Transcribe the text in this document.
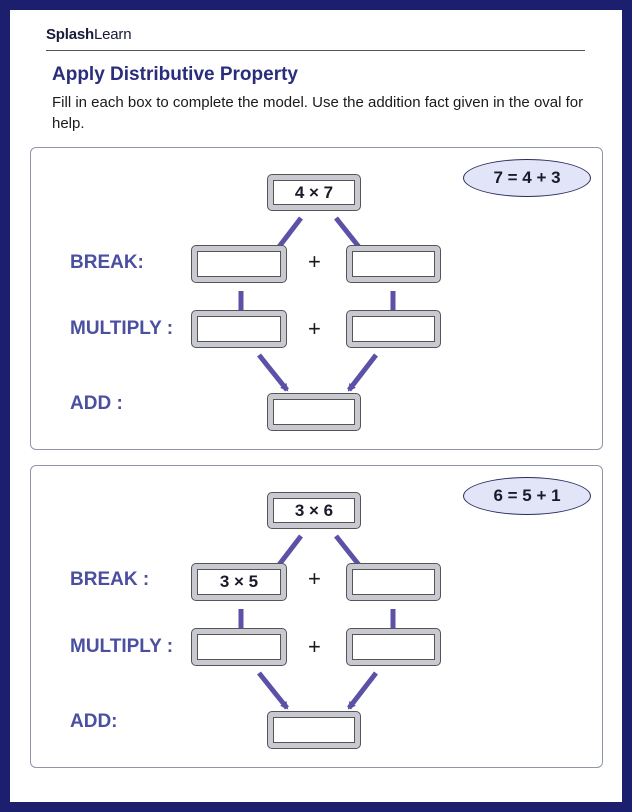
SplashLearn
Apply Distributive Property
Fill in each box to complete the model. Use the addition fact given in the oval for help.
7 = 4 + 3
BREAK:
MULTIPLY :
ADD :
4 × 7
+
+
6 = 5 + 1
BREAK :
MULTIPLY :
ADD:
3 × 6
3 × 5	+
+
